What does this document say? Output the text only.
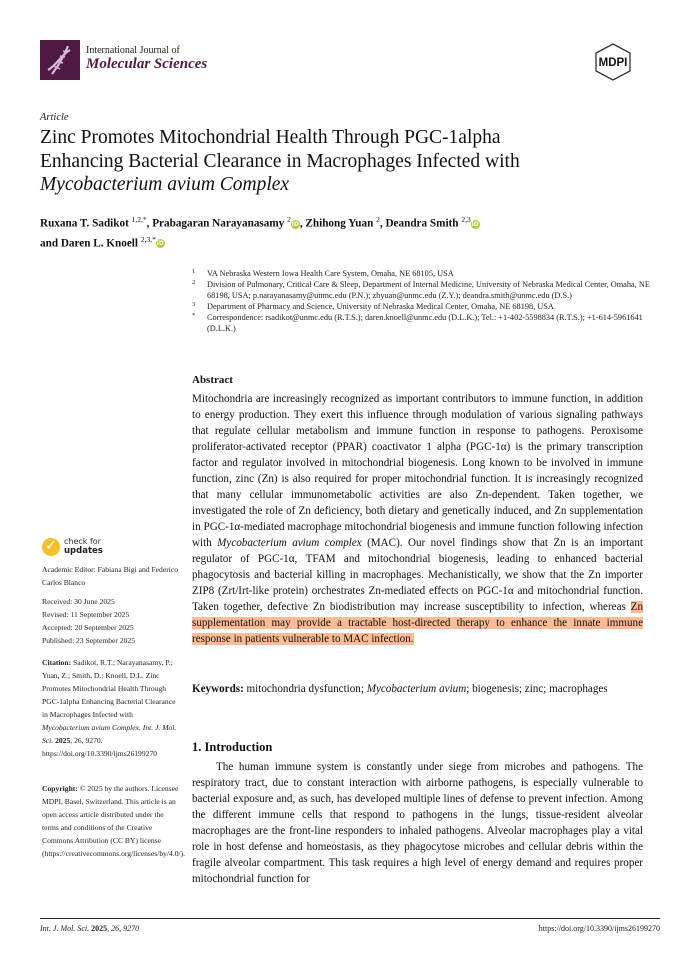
International Journal of
Molecular Sciences	MDPI
Article
Zinc Promotes Mitochondrial Health Through PGC-1alpha
Enhancing Bacterial Clearance in Macrophages Infected with
Mycobacterium avium Complex
Ruxana T. Sadikot $^{1,2,*}$, Prabagaran Narayanasamy $^2$iD, Zhihong Yuan $^2$, Deandra Smith $^{2,3}$iD
and Daren L. Knoell $^{2,3,*}$iD
1 VA Nebraska Western Iowa Health Care System, Omaha, NE 68105, USA
2 Division of Pulmonary, Critical Care & Sleep, Department of Internal Medicine, University of Nebraska Medical Center, Omaha, NE 68198, USA; p.narayanasamy@unmc.edu (P.N.); zhyuan@unmc.edu (Z.Y.); deandra.smith@unmc.edu (D.S.)
3 Department of Pharmacy and Science, University of Nebraska Medical Center, Omaha, NE 68198, USA
* Correspondence: rsadikot@unmc.edu (R.T.S.); daren.knoell@unmc.edu (D.L.K.); Tel.: +1-402-5598834 (R.T.S.); +1-614-5961641 (D.L.K.)
Abstract
Mitochondria are increasingly recognized as important contributors to immune function, in addition to energy production. They exert this influence through modulation of various signaling pathways that regulate cellular metabolism and immune function in response to pathogens. Peroxisome proliferator-activated receptor (PPAR) coactivator 1 alpha (PGC-1α) is the primary transcription factor and regulator involved in mitochondrial biogenesis. Long known to be involved in immune function, zinc (Zn) is also required for proper mitochondrial function. It is increasingly recognized that many cellular immunometabolic activities are also Zn-dependent. Taken together, we investigated the role of Zn deficiency, both dietary and genetically induced, and Zn supplementation in PGC-1α-mediated macrophage mitochondrial biogenesis and immune function following infection with Mycobacterium avium complex (MAC). Our novel findings show that Zn is an important regulator of PGC-1α, TFAM and mitochondrial biogenesis, leading to enhanced bacterial phagocytosis and bacterial killing in macrophages. Mechanistically, we show that the Zn importer ZIP8 (Zrt/Irt-like protein) orchestrates Zn-mediated effects on PGC-1α and mitochondrial function. Taken together, defective Zn biodistribution may increase susceptibility to infection, whereas Zn supplementation may provide a tractable host-directed therapy to enhance the innate immune response in patients vulnerable to MAC infection.
Keywords: mitochondria dysfunction; Mycobacterium avium; biogenesis; zinc; macrophages
1. Introduction

The human immune system is constantly under siege from microbes and pathogens. The respiratory tract, due to constant interaction with airborne pathogens, is especially vulnerable to bacterial exposure and, as such, has developed multiple lines of defense to prevent infection. Among the different immune cells that respond to pathogens in the lungs, tissue-resident alveolar macrophages are the front-line responders to inhaled pathogens. Alveolar macrophages play a vital role in host defense and homeostasis, as they phagocytose microbes and cellular debris within the fragile alveolar compartment. This task requires a high level of energy demand and requires proper mitochondrial function for

✓ check for
updates
Academic Editor: Fabiana Bigi and Federico Carlos Blanco
Received: 30 June 2025
Revised: 11 September 2025
Accepted: 20 September 2025
Published: 23 September 2025
Citation: Sadikot, R.T.; Narayanasamy, P.; Yuan, Z.; Smith, D.; Knoell, D.L. Zinc Promotes Mitochondrial Health Through PGC-1alpha Enhancing Bacterial Clearance in Macrophages Infected with Mycobacterium avium Complex. Int. J. Mol. Sci. 2025, 26, 9270. https://doi.org/10.3390/ijms26199270
Copyright: © 2025 by the authors. Licensee MDPI, Basel, Switzerland. This article is an open access article distributed under the terms and conditions of the Creative Commons Attribution (CC BY) license (https://creativecommons.org/licenses/by/4.0/).
Int. J. Mol. Sci. 2025, 26, 9270	https://doi.org/10.3390/ijms26199270
